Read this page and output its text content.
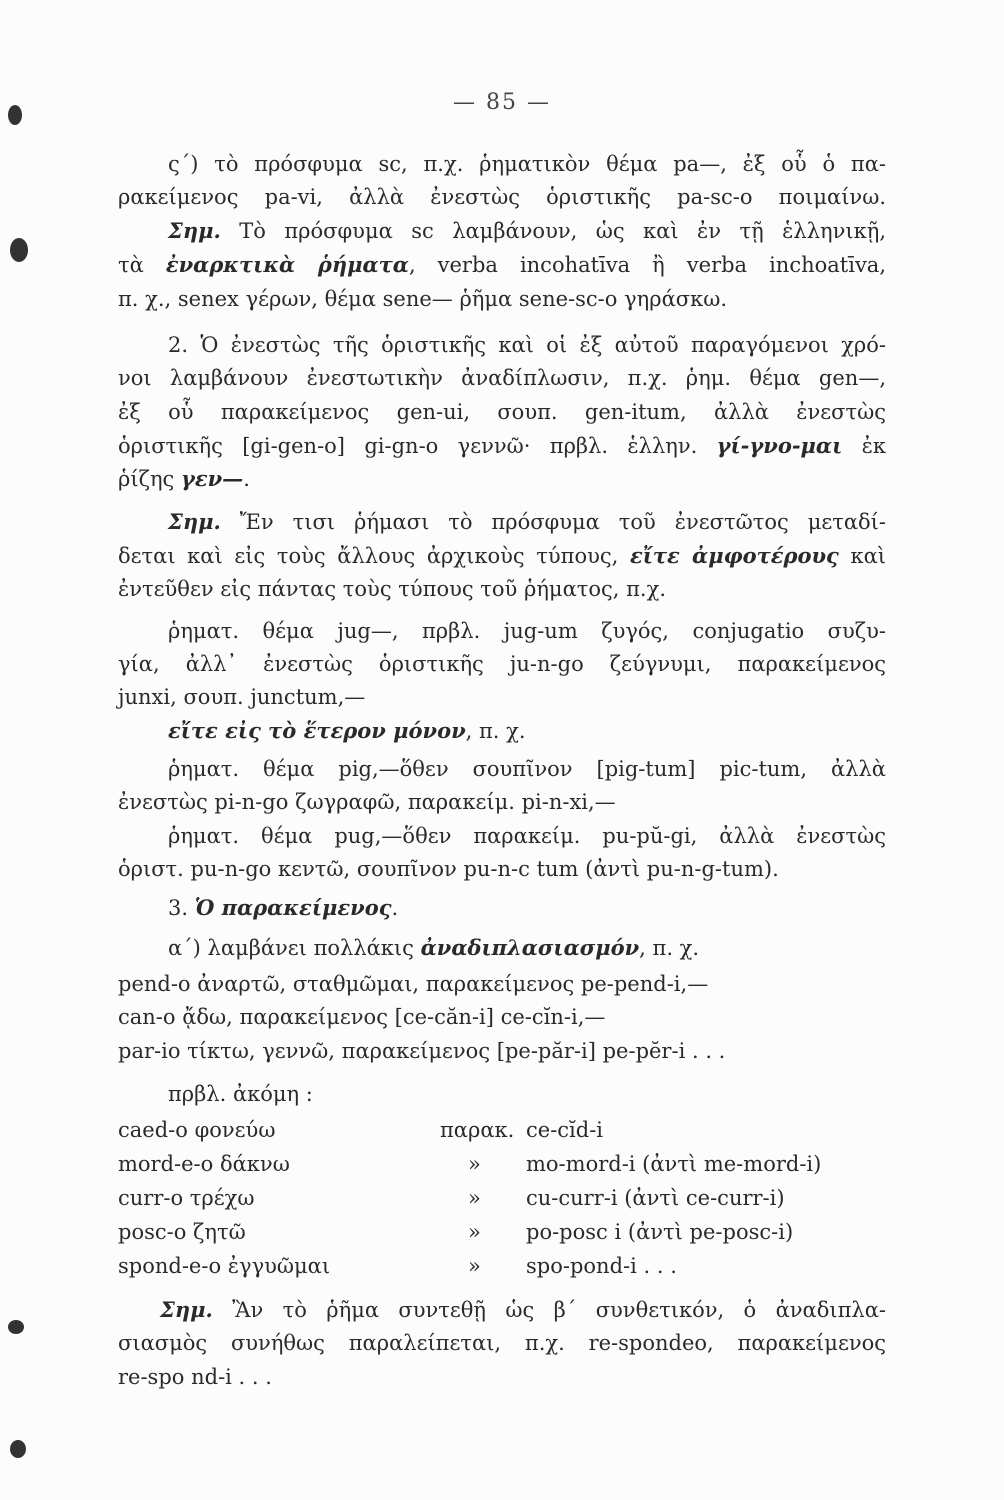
— 85 —
ς΄) τὸ πρόσφυμα sc, π.χ. ῥηματικὸν θέμα pa—, ἐξ οὗ ὁ πα-
ρακείμενος pa-vi, ἀλλὰ ἐνεστὼς ὁριστικῆς pa-sc-o ποιμαίνω.
Σημ. Τὸ πρόσφυμα sc λαμβάνουν, ὡς καὶ ἐν τῇ ἑλληνικῇ,
τὰ ἐναρκτικὰ ῥήματα, verba incohatīva ἢ verba inchoatīva,
π. χ., senex γέρων, θέμα sene— ῥῆμα sene-sc-o γηράσκω.
2. Ὁ ἐνεστὼς τῆς ὁριστικῆς καὶ οἱ ἐξ αὐτοῦ παραγόμενοι χρό-
νοι λαμβάνουν ἐνεστωτικὴν ἀναδίπλωσιν, π.χ. ῥημ. θέμα gen—,
ἐξ οὗ παρακείμενος gen-ui, σουπ. gen-itum, ἀλλὰ ἐνεστὼς
ὁριστικῆς [gi-gen-o] gi-gn-o γεννῶ· πρβλ. ἑλλην. γί-γνο-μαι ἐκ
ῥίζης γεν—.
Σημ. Ἔν τισι ῥήμασι τὸ πρόσφυμα τοῦ ἐνεστῶτος μεταδί-
δεται καὶ εἰς τοὺς ἄλλους ἀρχικοὺς τύπους, εἴτε ἀμφοτέρους καὶ
ἐντεῦθεν εἰς πάντας τοὺς τύπους τοῦ ῥήματος, π.χ.
ῥηματ. θέμα jug—, πρβλ. jug-um ζυγός, conjugatio συζυ-
γία, ἀλλ᾽ ἐνεστὼς ὁριστικῆς ju-n-go ζεύγνυμι, παρακείμενος
junxi, σουπ. junctum,—
εἴτε εἰς τὸ ἕτερον μόνον, π. χ.
ῥηματ. θέμα pig,—ὅθεν σουπῖνον [pig-tum] pic-tum, ἀλλὰ
ἐνεστὼς pi-n-go ζωγραφῶ, παρακείμ. pi-n-xi,—
ῥηματ. θέμα pug,—ὅθεν παρακείμ. pu-pŭ-gi, ἀλλὰ ἐνεστὼς
ὁριστ. pu-n-go κεντῶ, σουπῖνον pu-n-c tum (ἀντὶ pu-n-g-tum).
3. Ὁ παρακείμενος.
α΄) λαμβάνει πολλάκις ἀναδιπλασιασμόν, π. χ.
pend-o ἀναρτῶ, σταθμῶμαι, παρακείμενος pe-pend-i,—
can-o ᾄδω, παρακείμενος [ce-căn-i] ce-cĭn-i,—
par-io τίκτω, γεννῶ, παρακείμενος [pe-păr-i] pe-pĕr-i . . .
πρβλ. ἀκόμη :
caed-o φονεύω	παρακ. ce-cĭd-i
mord-e-o δάκνω	» mo-mord-i (ἀντὶ me-mord-i)
curr-o τρέχω	» cu-curr-i (ἀντὶ ce-curr-i)
posc-o ζητῶ	» po-posc i (ἀντὶ pe-posc-i)
spond-e-o ἐγγυῶμαι	» spo-pond-i . . .
Σημ. Ἂν τὸ ῥῆμα συντεθῇ ὡς β΄ συνθετικόν, ὁ ἀναδιπλα-
σιασμὸς συνήθως παραλείπεται, π.χ. re-spondeo, παρακείμενος
re-spo nd-i . . .
